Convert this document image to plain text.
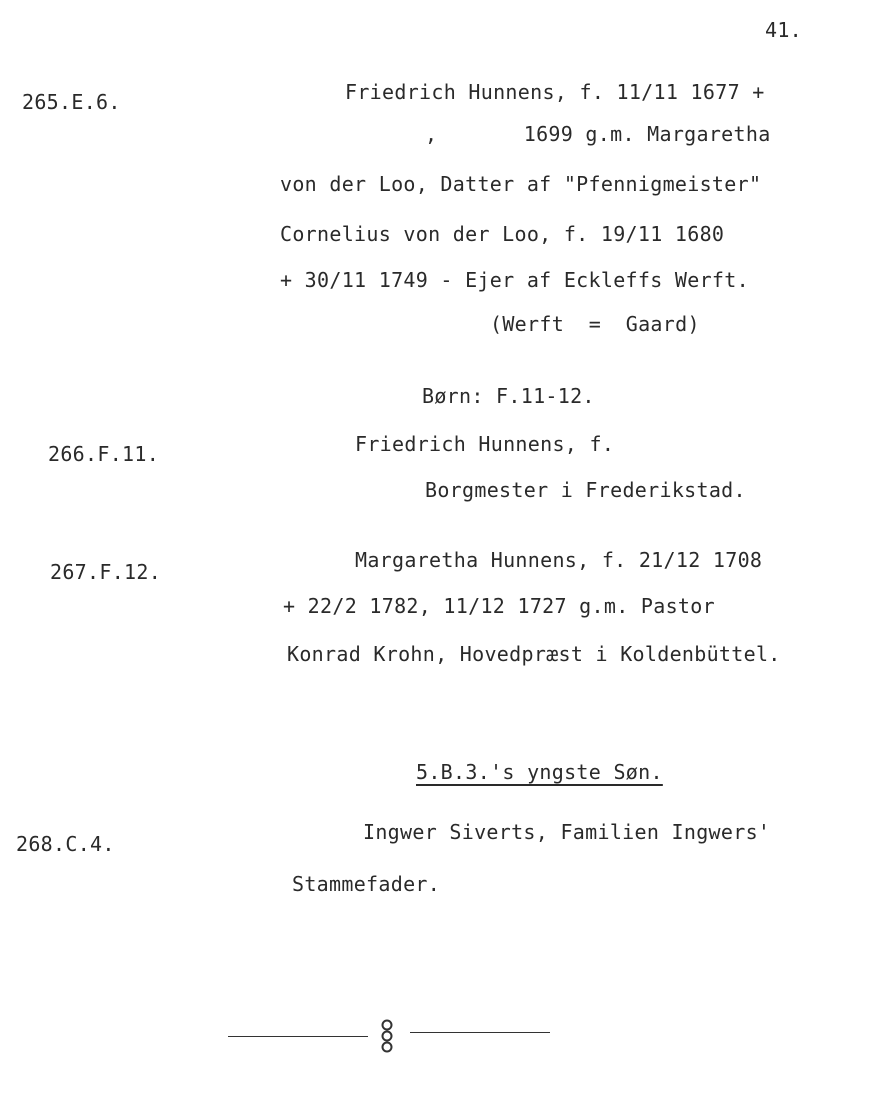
41.
265.E.6.	Friedrich Hunnens, f. 11/11 1677 +
,       1699 g.m. Margaretha
von der Loo, Datter af "Pfennigmeister"
Cornelius von der Loo, f. 19/11 1680
+ 30/11 1749 - Ejer af Eckleffs Werft.
(Werft  =  Gaard)
Børn: F.11-12.
266.F.11.	Friedrich Hunnens, f.
Borgmester i Frederikstad.
267.F.12.	Margaretha Hunnens, f. 21/12 1708
+ 22/2 1782, 11/12 1727 g.m. Pastor
Konrad Krohn, Hovedpræst i Koldenbüttel.
5.B.3.'s yngste Søn.
268.C.4.	Ingwer Siverts, Familien Ingwers'
Stammefader.
